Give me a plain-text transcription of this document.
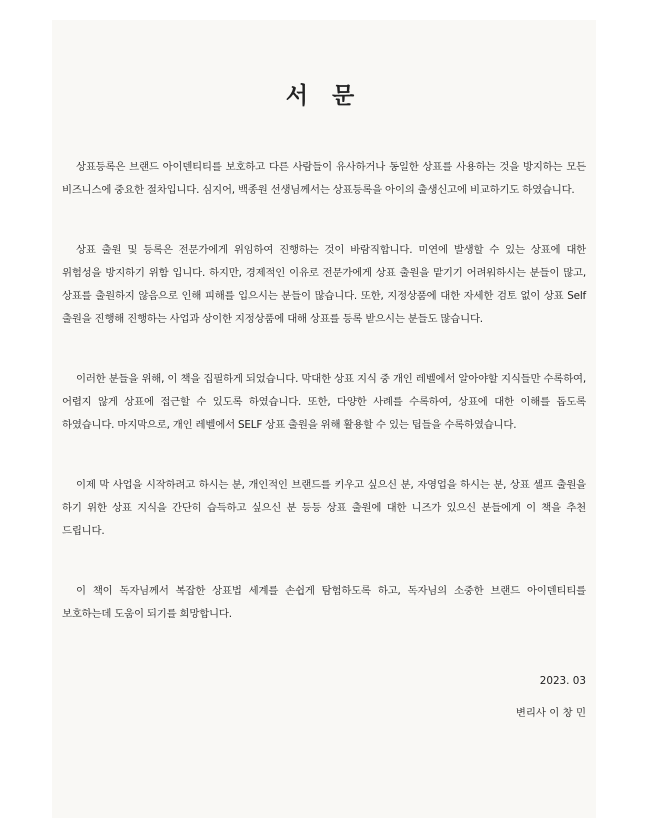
서 문

상표등록은 브랜드 아이덴티티를 보호하고 다른 사람들이 유사하거나 동일한 상표를 사용하는 것을 방지하는 모든 비즈니스에 중요한 절차입니다. 심지어, 백종원 선생님께서는 상표등록을 아이의 출생신고에 비교하기도 하였습니다.

상표 출원 및 등록은 전문가에게 위임하여 진행하는 것이 바람직합니다. 미연에 발생할 수 있는 상표에 대한 위험성을 방지하기 위함 입니다. 하지만, 경제적인 이유로 전문가에게 상표 출원을 맡기기 어려워하시는 분들이 많고, 상표를 출원하지 않음으로 인해 피해를 입으시는 분들이 많습니다. 또한, 지정상품에 대한 자세한 검토 없이 상표 Self 출원을 진행해 진행하는 사업과 상이한 지정상품에 대해 상표를 등록 받으시는 분들도 많습니다.

이러한 분들을 위해, 이 책을 집필하게 되었습니다. 막대한 상표 지식 중 개인 레벨에서 알아야할 지식들만 수록하여, 어렵지 않게 상표에 접근할 수 있도록 하였습니다. 또한, 다양한 사례를 수록하여, 상표에 대한 이해를 돕도록 하였습니다. 마지막으로, 개인 레벨에서 SELF 상표 출원을 위해 활용할 수 있는 팁들을 수록하였습니다.

이제 막 사업을 시작하려고 하시는 분, 개인적인 브랜드를 키우고 싶으신 분, 자영업을 하시는 분, 상표 셀프 출원을 하기 위한 상표 지식을 간단히 습득하고 싶으신 분 등등 상표 출원에 대한 니즈가 있으신 분들에게 이 책을 추천 드립니다.

이 책이 독자님께서 복잡한 상표법 세계를 손쉽게 탐험하도록 하고, 독자님의 소중한 브랜드 아이덴티티를 보호하는데 도움이 되기를 희망합니다.

2023. 03
변리사 이 창 민
